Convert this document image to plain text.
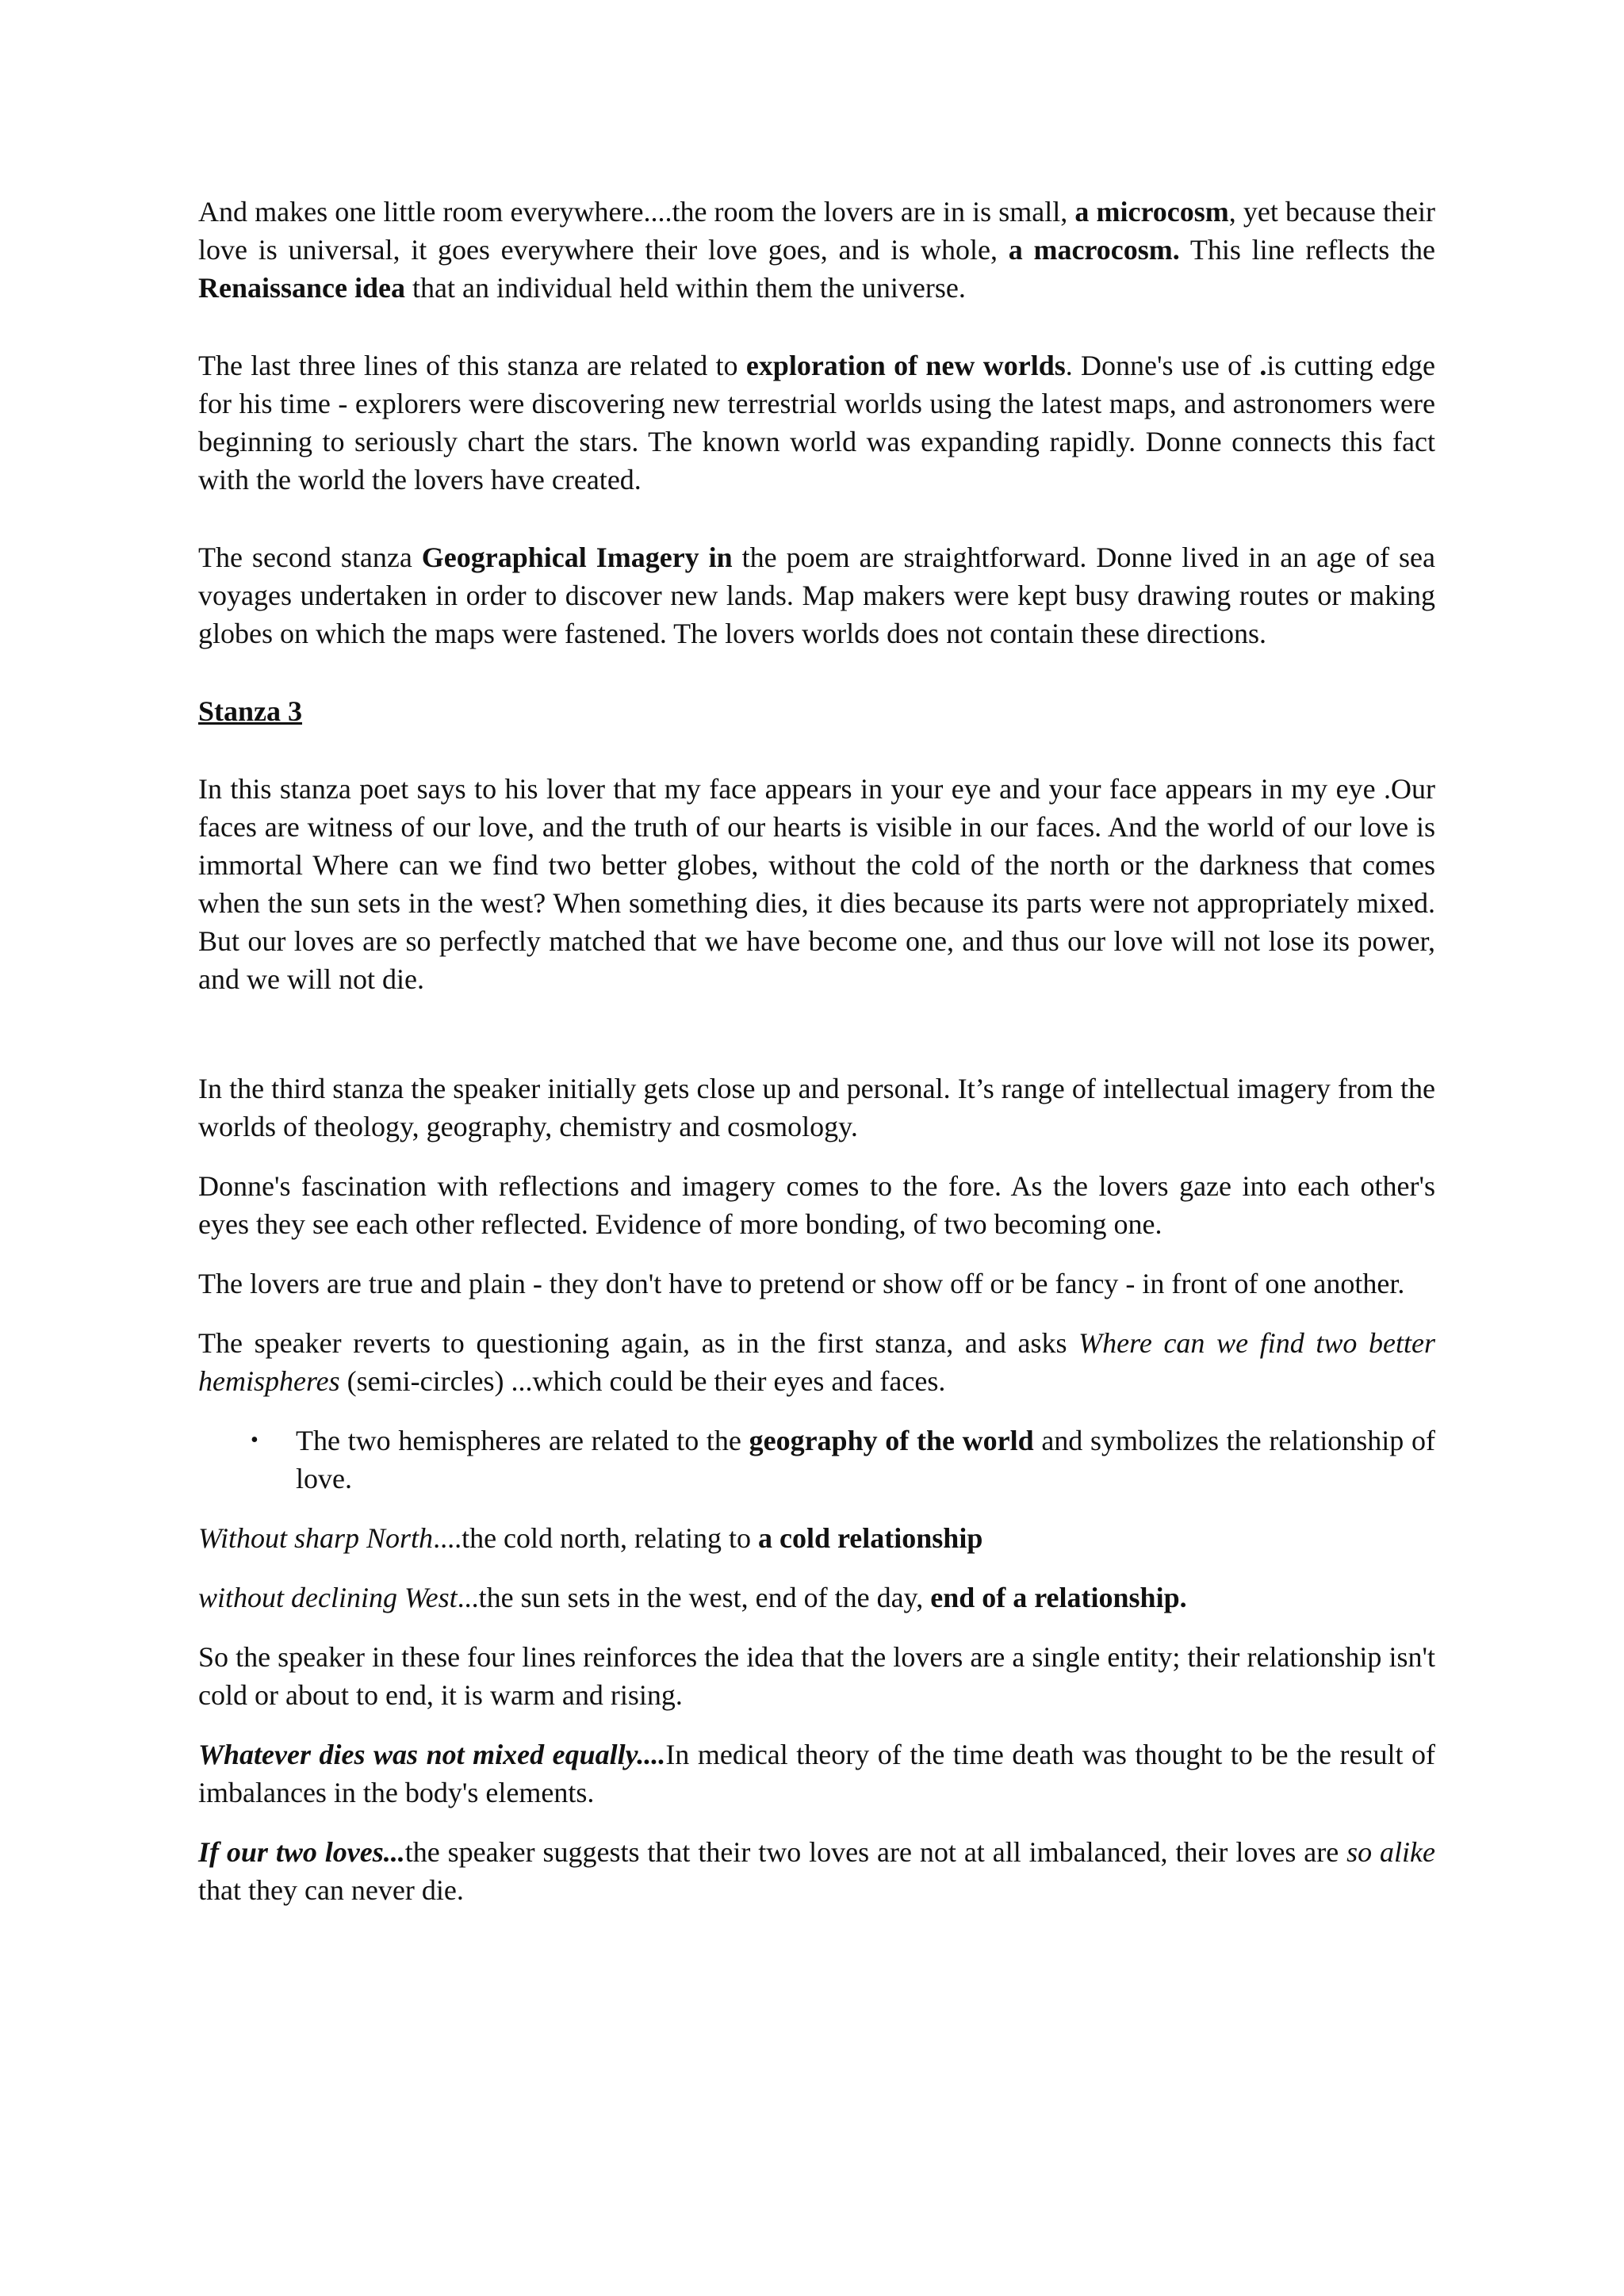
And makes one little room everywhere....the room the lovers are in is small, a microcosm, yet because their love is universal, it goes everywhere their love goes, and is whole, a macrocosm. This line reflects the Renaissance idea that an individual held within them the universe.

The last three lines of this stanza are related to exploration of new worlds. Donne's use of .is cutting edge for his time - explorers were discovering new terrestrial worlds using the latest maps, and astronomers were beginning to seriously chart the stars. The known world was expanding rapidly. Donne connects this fact with the world the lovers have created.

The second stanza Geographical Imagery in the poem are straightforward. Donne lived in an age of sea voyages undertaken in order to discover new lands. Map makers were kept busy drawing routes or making globes on which the maps were fastened. The lovers worlds does not contain these directions.

Stanza 3

In this stanza poet says to his lover that my face appears in your eye and your face appears in my eye .Our faces are witness of our love, and the truth of our hearts is visible in our faces. And the world of our love is immortal Where can we find two better globes, without the cold of the north or the darkness that comes when the sun sets in the west? When something dies, it dies because its parts were not appropriately mixed. But our loves are so perfectly matched that we have become one, and thus our love will not lose its power, and we will not die.

In the third stanza the speaker initially gets close up and personal. It’s range of intellectual imagery from the worlds of theology, geography, chemistry and cosmology.

Donne's fascination with reflections and imagery comes to the fore. As the lovers gaze into each other's eyes they see each other reflected. Evidence of more bonding, of two becoming one.

The lovers are true and plain - they don't have to pretend or show off or be fancy - in front of one another.

The speaker reverts to questioning again, as in the first stanza, and asks Where can we find two better hemispheres (semi-circles) ...which could be their eyes and faces.

• The two hemispheres are related to the geography of the world and symbolizes the relationship of love.

Without sharp North....the cold north, relating to a cold relationship

without declining West...the sun sets in the west, end of the day, end of a relationship.

So the speaker in these four lines reinforces the idea that the lovers are a single entity; their relationship isn't cold or about to end, it is warm and rising.

Whatever dies was not mixed equally....In medical theory of the time death was thought to be the result of imbalances in the body's elements.

If our two loves...the speaker suggests that their two loves are not at all imbalanced, their loves are so alike that they can never die.
